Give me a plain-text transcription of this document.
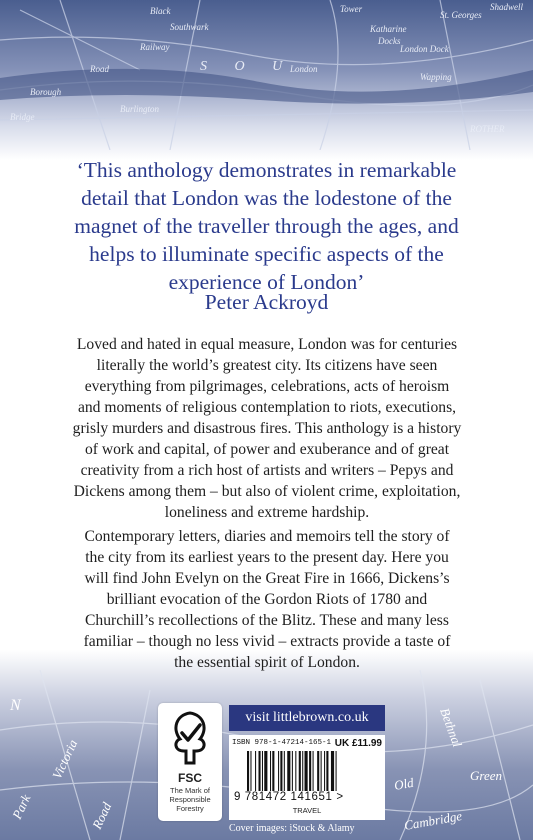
St. Georges
Shadwell
Black	Tower
Katharine
Docks
London Dock
Railway
Wapping
Road
Borough
Southwark
S O U
Bridge
London
Burlington
ROTHER
Victoria
Park	Road
Bethnal
Old	Green
Cambridge
N
‘This anthology demonstrates in remarkable
detail that London was the lodestone of the
magnet of the traveller through the ages, and
helps to illuminate specific aspects of the
experience of London’
Peter Ackroyd
Loved and hated in equal measure, London was for centuries
literally the world’s greatest city. Its citizens have seen
everything from pilgrimages, celebrations, acts of heroism
and moments of religious contemplation to riots, executions,
grisly murders and disastrous fires. This anthology is a history
of work and capital, of power and exuberance and of great
creativity from a rich host of artists and writers – Pepys and
Dickens among them – but also of violent crime, exploitation,
loneliness and extreme hardship.
Contemporary letters, diaries and memoirs tell the story of
the city from its earliest years to the present day. Here you
will find John Evelyn on the Great Fire in 1666, Dickens’s
brilliant evocation of the Gordon Riots of 1780 and
Churchill’s recollections of the Blitz. These and many less
familiar – though no less vivid – extracts provide a taste of
the essential spirit of London.
FSC
The Mark of
Responsible
Forestry
visit littlebrown.co.uk
ISBN 978-1-47214-165-1 UK £11.99
9 781472 141651 >
TRAVEL
Cover images: iStock & Alamy
